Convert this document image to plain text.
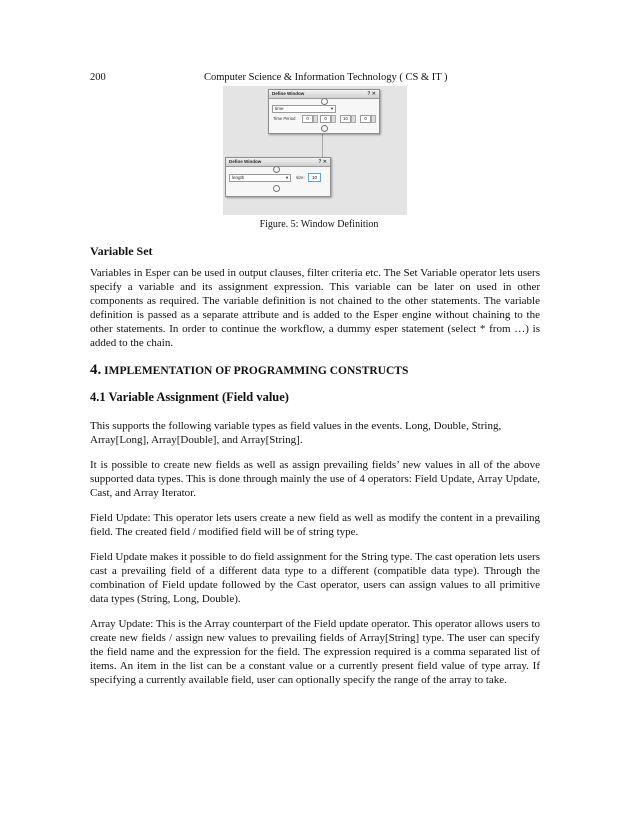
200	Computer Science & Information Technology ( CS & IT )
Define Window	? ✕
time	▼
Time Period	0	0	10	0
Define Window	? ✕
length	▼ size:	10
Figure. 5: Window Definition
Variable Set

Variables in Esper can be used in output clauses, filter criteria etc. The Set Variable operator lets users specify a variable and its assignment expression. This variable can be later on used in other components as required. The variable definition is not chained to the other statements. The variable definition is passed as a separate attribute and is added to the Esper engine without chaining to the other statements. In order to continue the workflow, a dummy esper statement (select * from …) is added to the chain.

4. IMPLEMENTATION OF PROGRAMMING CONSTRUCTS
4.1 Variable Assignment (Field value)

This supports the following variable types as field values in the events. Long, Double, String, Array[Long], Array[Double], and Array[String].

It is possible to create new fields as well as assign prevailing fields’ new values in all of the above supported data types. This is done through mainly the use of 4 operators: Field Update, Array Update, Cast, and Array Iterator.

Field Update: This operator lets users create a new field as well as modify the content in a prevailing field. The created field / modified field will be of string type.

Field Update makes it possible to do field assignment for the String type. The cast operation lets users cast a prevailing field of a different data type to a different (compatible data type). Through the combination of Field update followed by the Cast operator, users can assign values to all primitive data types (String, Long, Double).

Array Update: This is the Array counterpart of the Field update operator. This operator allows users to create new fields / assign new values to prevailing fields of Array[String] type. The user can specify the field name and the expression for the field. The expression required is a comma separated list of items. An item in the list can be a constant value or a currently present field value of type array. If specifying a currently available field, user can optionally specify the range of the array to take.
